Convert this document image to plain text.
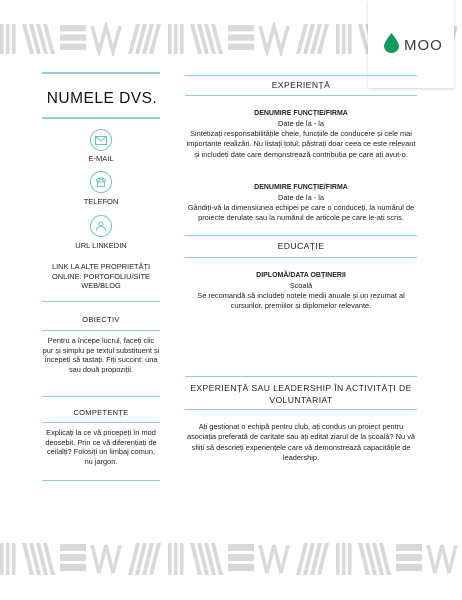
MOO
NUMELE DVS.
E-MAIL
TELEFON
URL LINKEDIN
LINK LA ALTE PROPRIETĂȚI ONLINE: PORTOFOLIU/SITE WEB/BLOG
OBIECTIV
Pentru a începe lucrul, faceți clic pur și simplu pe textul substituent și începeți să tastați. Fiți succint: una sau două propoziții.
COMPETENȚE
Explicați la ce vă pricepeți în mod deosebit. Prin ce vă diferențiați de ceilalți? Folosiți un limbaj comun, nu jargon.
EXPERIENȚĂ
DENUMIRE FUNCȚIE/FIRMA
Date de la - la
Sintetizați responsabilitățile cheie, funcțiile de conducere și cele mai importante realizări. Nu listați totul; păstrați doar ceea ce este relevant și includeți date care demonstrează contribuția pe care ați avut-o.
DENUMIRE FUNCȚIE/FIRMA
Date de la - la
Gândiți-vă la dimensiunea echipei pe care o conduceți, la numărul de proiecte derulate sau la numărul de articole pe care le-ați scris.
EDUCAȚIE
DIPLOMĂ/DATA OBȚINERII
Școală
Se recomandă să includeți notele medii anuale și un rezumat al cursurilor, premiilor și diplomelor relevante.
EXPERIENȚĂ SAU LEADERSHIP ÎN ACTIVITĂȚI DE VOLUNTARIAT
Ați gestionat o echipă pentru club, ați condus un proiect pentru asociația preferată de caritate sau ați editat ziarul de la școală? Nu vă sfiiți să descrieți experiențele care vă demonstrează capacitățile de leadership.
